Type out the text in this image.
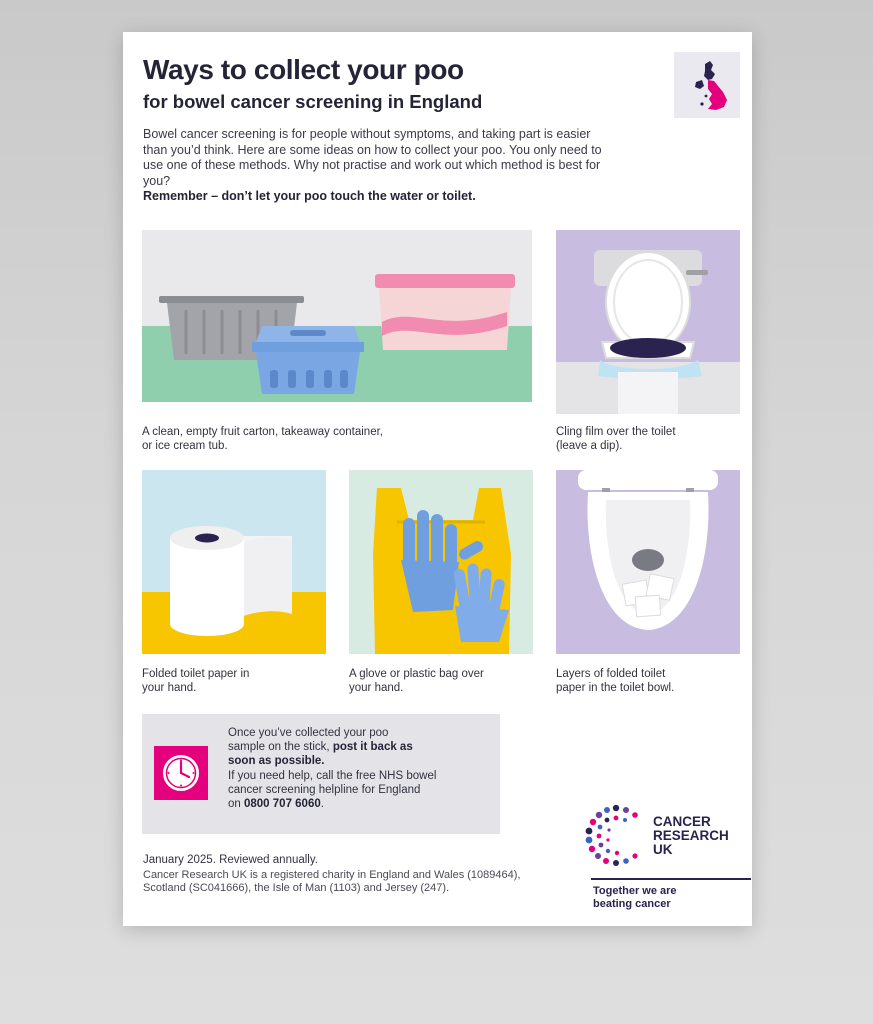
Ways to collect your poo
for bowel cancer screening in England

Bowel cancer screening is for people without symptoms, and taking part is easier than you’d think. Here are some ideas on how to collect your poo. You only need to use one of these methods. Why not practise and work out which method is best for you?

Remember – don’t let your poo touch the water or toilet.

A clean, empty fruit carton, takeaway container,
or ice cream tub.
Cling film over the toilet
(leave a dip).
Folded toilet paper in
your hand.
A glove or plastic bag over
your hand.
Layers of folded toilet
paper in the toilet bowl.
Once you’ve collected your poo
sample on the stick, post it back as
soon as possible.
If you need help, call the free NHS bowel
cancer screening helpline for England
on 0800 707 6060.
January 2025. Reviewed annually.
Cancer Research UK is a registered charity in England and Wales (1089464), Scotland (SC041666), the Isle of Man (1103) and Jersey (247).
CANCER
RESEARCH
UK
Together we are
beating cancer
